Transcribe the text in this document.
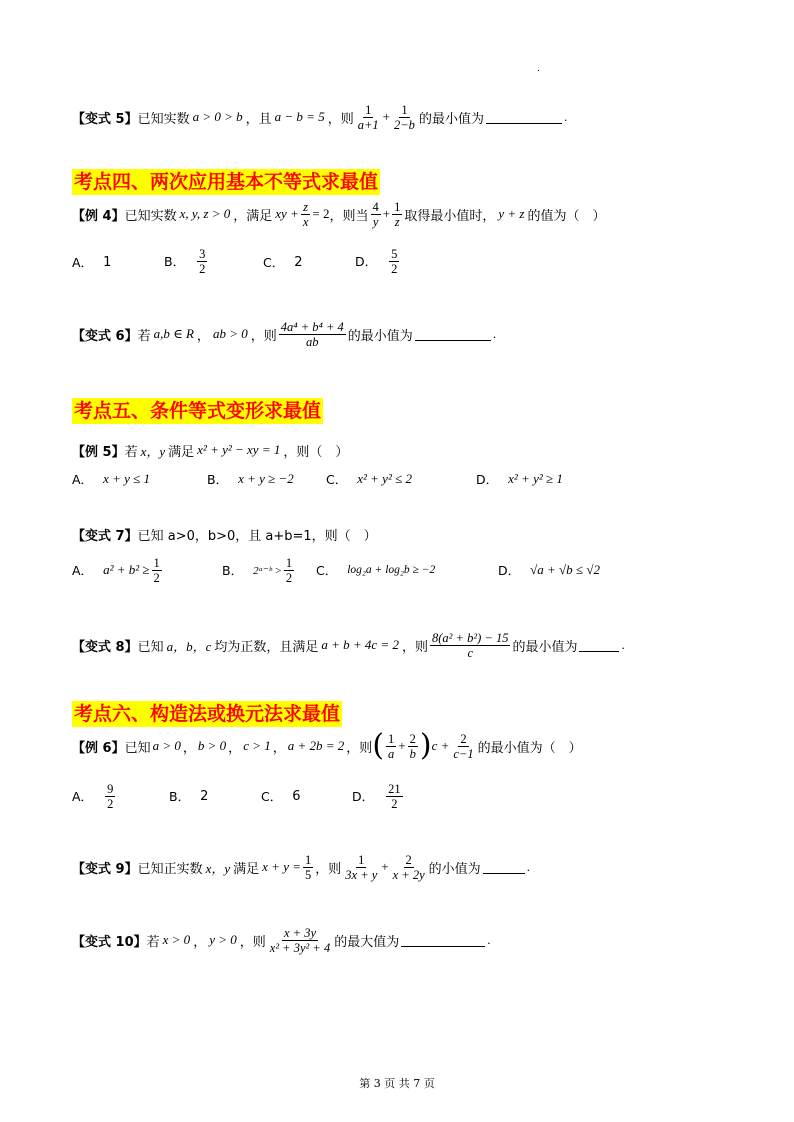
.
【变式 5】 已知实数 a > 0 > b ，且 a − b = 5 ，则 $\frac{1}{a+1} + \frac{1}{2-b}$ 的最小值为	.
考点四、两次应用基本不等式求最值
【例 4】 已知实数 x, y, z > 0 ，满足 xy + $\frac{z}{x} = 2$ ，则当 $\frac{4}{y} + \frac{1}{z}$ 取得最小值时， y + z 的值为（　）
A． 1	B． $\frac{3}{2}$	C． 2	D． $\frac{5}{2}$
【变式 6】 若 a,b ∈ R ， ab > 0 ，则 $\frac{\text{4a⁴ + b⁴ + 4}}{ab}$ 的最小值为	.
考点五、条件等式变形求最值
【例 5】 若 x，y 满足 x² + y² − xy = 1 ，则（　）
A． x + y ≤ 1	B． x + y ≥ −2	C． x² + y² ≤ 2	D． x² + y² ≥ 1
【变式 7】 已知 a>0，b>0，且 a+b=1，则（　）
A． $a^2 + b^2 \ge \frac{1}{2}$	B． 2ᵃ⁻ᵇ > $\frac{1}{2}$ C． log₂a + log₂b ≥ −2	D． √a + √b ≤ √2
【变式 8】 已知 a，b，c 均为正数，且满足 a + b + 4c = 2 ，则 $\frac{\text{8(a² + b²) − 15}}{c}$ 的最小值为	.
考点六、构造法或换元法求最值
【例 6】 已知 a > 0 ， b > 0 ， c > 1 ， a + 2b = 2 ，则 ( $\frac{1}{a} + \frac{2}{b}$ ) $c + \frac{2}{c-1}$ 的最小值为（　）
A． $\frac{9}{2}$	B． 2	C． 6	D． $\frac{21}{2}$
【变式 9】 已知正实数 x，y 满足 $x + y = \frac{1}{5}$ ，则 $\frac{1}{3x + y} + \frac{2}{x + 2y}$ 的小值为	.
【变式 10】 若 x > 0 ， y > 0 ，则 $\frac{x + 3y}{\text{x² + 3y² + 4}}$ 的最大值为	.
第 3 页 共 7 页
